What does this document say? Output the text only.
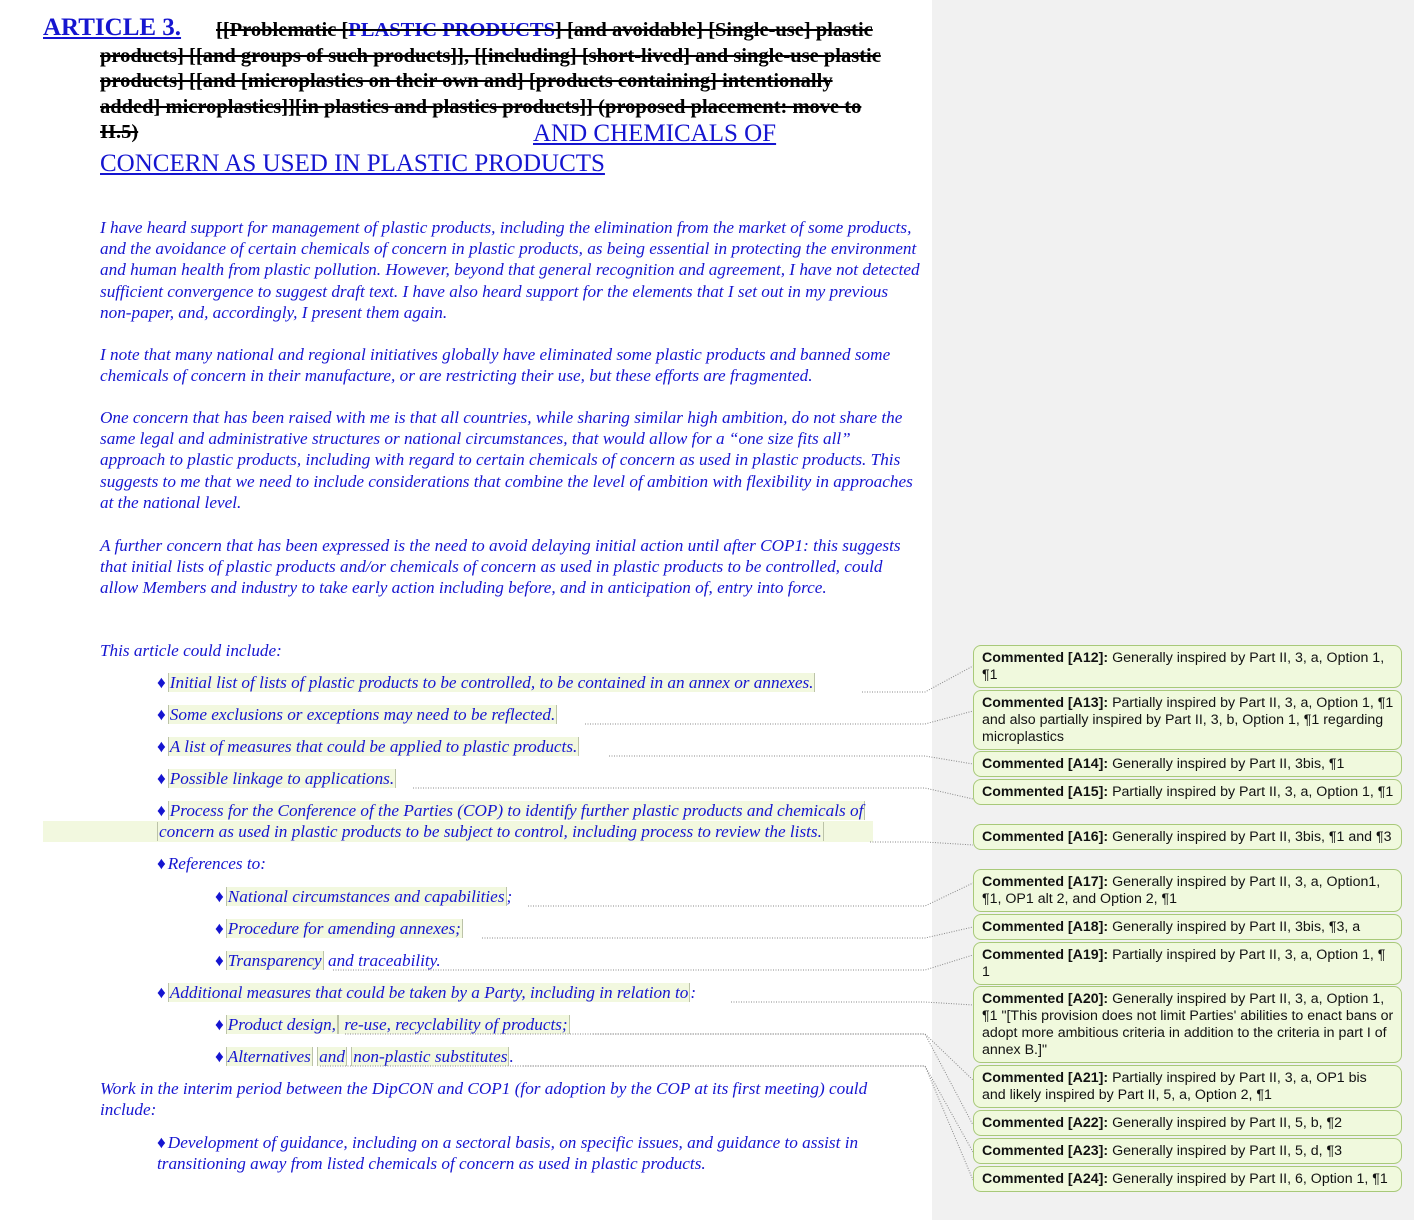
ARTICLE 3.	[[Problematic [PLASTIC PRODUCTS] [and avoidable] [Single-use] plastic products] [[and groups of such products]], [[including] [short-lived] and single-use plastic products] [[and [microplastics on their own and] [products containing] intentionally added] microplastics]][in plastics and plastics products]] (proposed placement: move to II.5)	AND CHEMICALS OF CONCERN AS USED IN PLASTIC PRODUCTS

I have heard support for management of plastic products, including the elimination from the market of some products, and the avoidance of certain chemicals of concern in plastic products, as being essential in protecting the environment and human health from plastic pollution. However, beyond that general recognition and agreement, I have not detected sufficient convergence to suggest draft text. I have also heard support for the elements that I set out in my previous non-paper, and, accordingly, I present them again.

I note that many national and regional initiatives globally have eliminated some plastic products and banned some chemicals of concern in their manufacture, or are restricting their use, but these efforts are fragmented.

One concern that has been raised with me is that all countries, while sharing similar high ambition, do not share the same legal and administrative structures or national circumstances, that would allow for a “one size fits all” approach to plastic products, including with regard to certain chemicals of concern as used in plastic products. This suggests to me that we need to include considerations that combine the level of ambition with flexibility in approaches at the national level.

A further concern that has been expressed is the need to avoid delaying initial action until after COP1: this suggests that initial lists of plastic products and/or chemicals of concern as used in plastic products to be controlled, could allow Members and industry to take early action including before, and in anticipation of, entry into force.

This article could include:

♦ Initial list of lists of plastic products to be controlled, to be contained in an annex or annexes.
♦ Some exclusions or exceptions may need to be reflected.
♦ A list of measures that could be applied to plastic products.
♦ Possible linkage to applications.
♦ Process for the Conference of the Parties (COP) to identify further plastic products and chemicals of
concern as used in plastic products to be subject to control, including process to review the lists.
♦ References to:
♦ National circumstances and capabilities ;
♦ Procedure for amending annexes;
♦ Transparency and traceability.
♦ Additional measures that could be taken by a Party, including in relation to :
♦ Product design, re-use, recyclability of products;
♦ Alternatives and non-plastic substitutes .

Work in the interim period between the DipCON and COP1 (for adoption by the COP at its first meeting) could include:

♦ Development of guidance, including on a sectoral basis, on specific issues, and guidance to assist in
transitioning away from listed chemicals of concern as used in plastic products.
Commented [A12]: Generally inspired by Part II, 3, a, Option 1, ¶1
Commented [A13]: Partially inspired by Part II, 3, a, Option 1, ¶1 and also partially inspired by Part II, 3, b, Option 1, ¶1 regarding microplastics
Commented [A14]: Generally inspired by Part II, 3bis, ¶1
Commented [A15]: Partially inspired by Part II, 3, a, Option 1, ¶1
Commented [A16]: Generally inspired by Part II, 3bis, ¶1 and ¶3
Commented [A17]: Generally inspired by Part II, 3, a, Option1, ¶1, OP1 alt 2, and Option 2, ¶1
Commented [A18]: Generally inspired by Part II, 3bis, ¶3, a
Commented [A19]: Partially inspired by Part II, 3, a, Option 1, ¶ 1
Commented [A20]: Generally inspired by Part II, 3, a, Option 1, ¶1 "[This provision does not limit Parties' abilities to enact bans or adopt more ambitious criteria in addition to the criteria in part I of annex B.]"
Commented [A21]: Partially inspired by Part II, 3, a, OP1 bis and likely inspired by Part II, 5, a, Option 2, ¶1
Commented [A22]: Generally inspired by Part II, 5, b, ¶2
Commented [A23]: Generally inspired by Part II, 5, d, ¶3
Commented [A24]: Generally inspired by Part II, 6, Option 1, ¶1
